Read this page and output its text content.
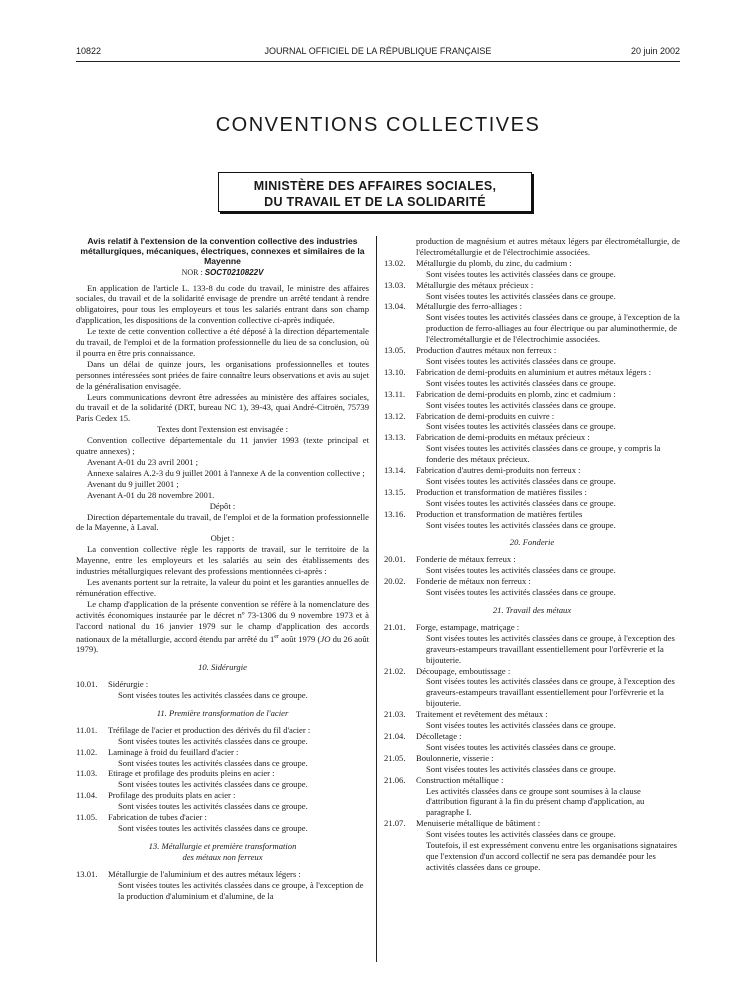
10822	JOURNAL OFFICIEL DE LA RÉPUBLIQUE FRANÇAISE	20 juin 2002
CONVENTIONS COLLECTIVES
MINISTÈRE DES AFFAIRES SOCIALES,
DU TRAVAIL ET DE LA SOLIDARITÉ
Avis relatif à l'extension de la convention collective des industries métallurgiques, mécaniques, électriques, connexes et similaires de la Mayenne
NOR : SOCT0210822V

En application de l'article L. 133-8 du code du travail, le ministre des affaires sociales, du travail et de la solidarité envisage de prendre un arrêté tendant à rendre obligatoires, pour tous les employeurs et tous les salariés entrant dans son champ d'application, les dispositions de la convention collective ci-après indiquée.

Le texte de cette convention collective a été déposé à la direction départementale du travail, de l'emploi et de la formation professionnelle du lieu de sa conclusion, où il pourra en être pris connaissance.

Dans un délai de quinze jours, les organisations professionnelles et toutes personnes intéressées sont priées de faire connaître leurs observations et avis au sujet de la généralisation envisagée.

Leurs communications devront être adressées au ministère des affaires sociales, du travail et de la solidarité (DRT, bureau NC 1), 39-43, quai André-Citroën, 75739 Paris Cedex 15.

Textes dont l'extension est envisagée :

Convention collective départementale du 11 janvier 1993 (texte principal et quatre annexes) ;

Avenant A-01 du 23 avril 2001 ;

Annexe salaires A.2-3 du 9 juillet 2001 à l'annexe A de la convention collective ;

Avenant du 9 juillet 2001 ;

Avenant A-01 du 28 novembre 2001.

Dépôt :

Direction départementale du travail, de l'emploi et de la formation professionnelle de la Mayenne, à Laval.

Objet :

La convention collective règle les rapports de travail, sur le territoire de la Mayenne, entre les employeurs et les salariés au sein des établissements des industries métallurgiques relevant des professions mentionnées ci-après :

Les avenants portent sur la retraite, la valeur du point et les garanties annuelles de rémunération effective.

Le champ d'application de la présente convention se réfère à la nomenclature des activités économiques instaurée par le décret nº 73-1306 du 9 novembre 1973 et à l'accord national du 16 janvier 1979 sur le champ d'application des accords nationaux de la métallurgie, accord étendu par arrêté du 1er août 1979 (JO du 26 août 1979).

10. Sidérurgie
10.01. Sidérurgie :
Sont visées toutes les activités classées dans ce groupe.
11. Première transformation de l'acier
11.01. Tréfilage de l'acier et production des dérivés du fil d'acier :
Sont visées toutes les activités classées dans ce groupe.
11.02. Laminage à froid du feuillard d'acier :
Sont visées toutes les activités classées dans ce groupe.
11.03. Etirage et profilage des produits pleins en acier :
Sont visées toutes les activités classées dans ce groupe.
11.04. Profilage des produits plats en acier :
Sont visées toutes les activités classées dans ce groupe.
11.05. Fabrication de tubes d'acier :
Sont visées toutes les activités classées dans ce groupe.
13. Métallurgie et première transformation
des métaux non ferreux
13.01. Métallurgie de l'aluminium et des autres métaux légers :
Sont visées toutes les activités classées dans ce groupe, à l'exception de la production d'aluminium et d'alumine, de la

production de magnésium et autres métaux légers par électrométallurgie, de l'électrométallurgie et de l'électrochimie associées.

13.02. Métallurgie du plomb, du zinc, du cadmium :
Sont visées toutes les activités classées dans ce groupe.
13.03. Métallurgie des métaux précieux :
Sont visées toutes les activités classées dans ce groupe.
13.04. Métallurgie des ferro-alliages :
Sont visées toutes les activités classées dans ce groupe, à l'exception de la production de ferro-alliages au four électrique ou par aluminothermie, de l'électrométallurgie et de l'électrochimie associées.
13.05. Production d'autres métaux non ferreux :
Sont visées toutes les activités classées dans ce groupe.
13.10. Fabrication de demi-produits en aluminium et autres métaux légers :
Sont visées toutes les activités classées dans ce groupe.
13.11. Fabrication de demi-produits en plomb, zinc et cadmium :
Sont visées toutes les activités classées dans ce groupe.
13.12. Fabrication de demi-produits en cuivre :
Sont visées toutes les activités classées dans ce groupe.
13.13. Fabrication de demi-produits en métaux précieux :
Sont visées toutes les activités classées dans ce groupe, y compris la fonderie des métaux précieux.
13.14. Fabrication d'autres demi-produits non ferreux :
Sont visées toutes les activités classées dans ce groupe.
13.15. Production et transformation de matières fissiles :
Sont visées toutes les activités classées dans ce groupe.
13.16. Production et transformation de matières fertiles
Sont visées toutes les activités classées dans ce groupe.
20. Fonderie
20.01. Fonderie de métaux ferreux :
Sont visées toutes les activités classées dans ce groupe.
20.02. Fonderie de métaux non ferreux :
Sont visées toutes les activités classées dans ce groupe.
21. Travail des métaux
21.01. Forge, estampage, matriçage :
Sont visées toutes les activités classées dans ce groupe, à l'exception des graveurs-estampeurs travaillant essentiellement pour l'orfèvrerie et la bijouterie.
21.02. Découpage, emboutissage :
Sont visées toutes les activités classées dans ce groupe, à l'exception des graveurs-estampeurs travaillant essentiellement pour l'orfèvrerie et la bijouterie.
21.03. Traitement et revêtement des métaux :
Sont visées toutes les activités classées dans ce groupe.
21.04. Décolletage :
Sont visées toutes les activités classées dans ce groupe.
21.05. Boulonnerie, visserie :
Sont visées toutes les activités classées dans ce groupe.
21.06. Construction métallique :
Les activités classées dans ce groupe sont soumises à la clause d'attribution figurant à la fin du présent champ d'application, au paragraphe I.
21.07. Menuiserie métallique de bâtiment :
Sont visées toutes les activités classées dans ce groupe.
Toutefois, il est expressément convenu entre les organisations signataires que l'extension d'un accord collectif ne sera pas demandée pour les activités classées dans ce groupe.
